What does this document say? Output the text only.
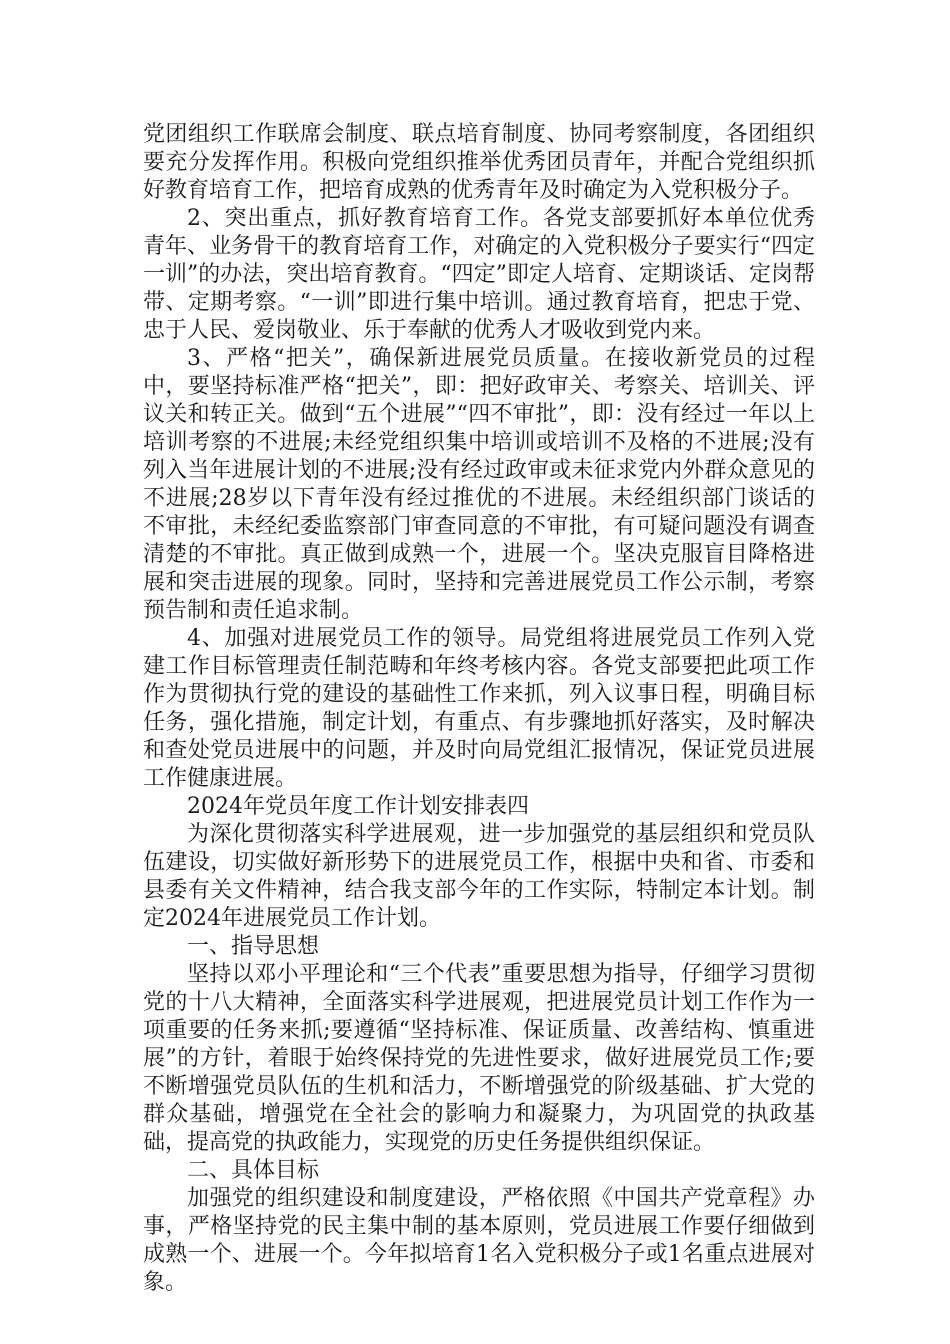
党团组织工作联席会制度、联点培育制度、协同考察制度，各团组织要充分发挥作用。积极向党组织推举优秀团员青年，并配合党组织抓好教育培育工作，把培育成熟的优秀青年及时确定为入党积极分子。

2、突出重点，抓好教育培育工作。各党支部要抓好本单位优秀青年、业务骨干的教育培育工作，对确定的入党积极分子要实行“四定一训”的办法，突出培育教育。“四定”即定人培育、定期谈话、定岗帮带、定期考察。“一训”即进行集中培训。通过教育培育，把忠于党、忠于人民、爱岗敬业、乐于奉献的优秀人才吸收到党内来。

3、严格“把关”，确保新进展党员质量。在接收新党员的过程中，要坚持标准严格“把关”，即：把好政审关、考察关、培训关、评议关和转正关。做到“五个进展”“四不审批”，即：没有经过一年以上培训考察的不进展;未经党组织集中培训或培训不及格的不进展;没有列入当年进展计划的不进展;没有经过政审或未征求党内外群众意见的不进展;28岁以下青年没有经过推优的不进展。未经组织部门谈话的不审批，未经纪委监察部门审查同意的不审批，有可疑问题没有调查清楚的不审批。真正做到成熟一个，进展一个。坚决克服盲目降格进展和突击进展的现象。同时，坚持和完善进展党员工作公示制，考察预告制和责任追求制。

4、加强对进展党员工作的领导。局党组将进展党员工作列入党建工作目标管理责任制范畴和年终考核内容。各党支部要把此项工作作为贯彻执行党的建设的基础性工作来抓，列入议事日程，明确目标任务，强化措施，制定计划，有重点、有步骤地抓好落实，及时解决和查处党员进展中的问题，并及时向局党组汇报情况，保证党员进展工作健康进展。

2024年党员年度工作计划安排表四

为深化贯彻落实科学进展观，进一步加强党的基层组织和党员队伍建设，切实做好新形势下的进展党员工作，根据中央和省、市委和县委有关文件精神，结合我支部今年的工作实际，特制定本计划。制定2024年进展党员工作计划。

一、指导思想

坚持以邓小平理论和“三个代表”重要思想为指导，仔细学习贯彻党的十八大精神，全面落实科学进展观，把进展党员计划工作作为一项重要的任务来抓;要遵循“坚持标准、保证质量、改善结构、慎重进展”的方针，着眼于始终保持党的先进性要求，做好进展党员工作;要不断增强党员队伍的生机和活力，不断增强党的阶级基础、扩大党的群众基础，增强党在全社会的影响力和凝聚力，为巩固党的执政基础，提高党的执政能力，实现党的历史任务提供组织保证。

二、具体目标

加强党的组织建设和制度建设，严格依照《中国共产党章程》办事，严格坚持党的民主集中制的基本原则，党员进展工作要仔细做到成熟一个、进展一个。今年拟培育1名入党积极分子或1名重点进展对象。
